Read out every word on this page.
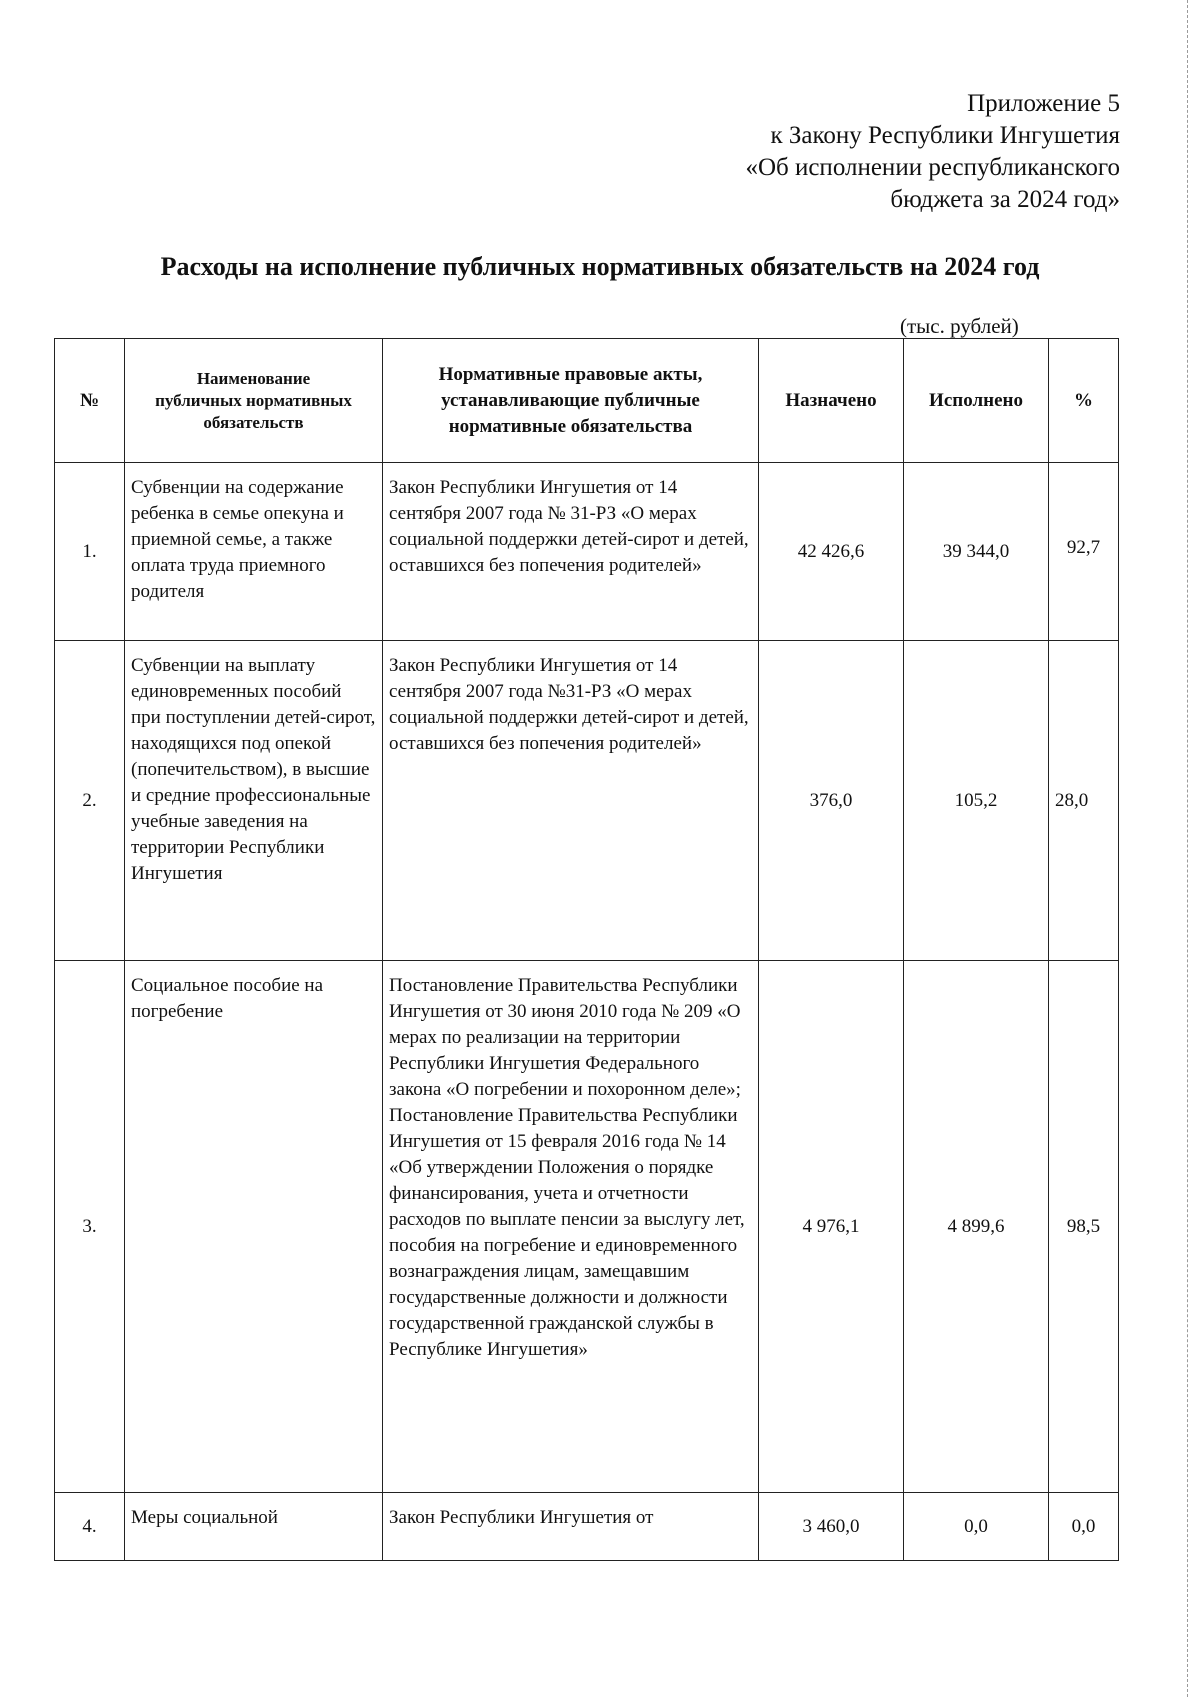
Приложение 5
к Закону Республики Ингушетия
«Об исполнении республиканского
бюджета за 2024 год»
Расходы на исполнение публичных нормативных обязательств на 2024 год
(тыс. рублей)
№	Наименование публичных нормативных обязательств	Нормативные правовые акты, устанавливающие публичные нормативные обязательства	Назначено	Исполнено	%
1.	Субвенции на содержание ребенка в семье опекуна и приемной семье, а также оплата труда приемного родителя	Закон Республики Ингушетия от 14 сентября 2007 года № 31-РЗ «О мерах социальной поддержки детей-сирот и детей, оставшихся без попечения родителей»	42 426,6	39 344,0	92,7
2.	Субвенции на выплату единовременных пособий при поступлении детей-сирот, находящихся под опекой (попечительством), в высшие и средние профессиональные учебные заведения на территории Республики Ингушетия	Закон Республики Ингушетия от 14 сентября 2007 года №31-РЗ «О мерах социальной поддержки детей-сирот и детей, оставшихся без попечения родителей»	376,0	105,2	28,0
3.	Социальное пособие на погребение	Постановление Правительства Республики Ингушетия от 30 июня 2010 года № 209 «О мерах по реализации на территории Республики Ингушетия Федерального закона «О погребении и похоронном деле»; Постановление Правительства Республики Ингушетия от 15 февраля 2016 года № 14 «Об утверждении Положения о порядке финансирования, учета и отчетности расходов по выплате пенсии за выслугу лет, пособия на погребение и единовременного вознаграждения лицам, замещавшим государственные должности и должности государственной гражданской службы в Республике Ингушетия»	4 976,1	4 899,6	98,5
4.	Меры социальной	Закон Республики Ингушетия от	3 460,0	0,0	0,0
